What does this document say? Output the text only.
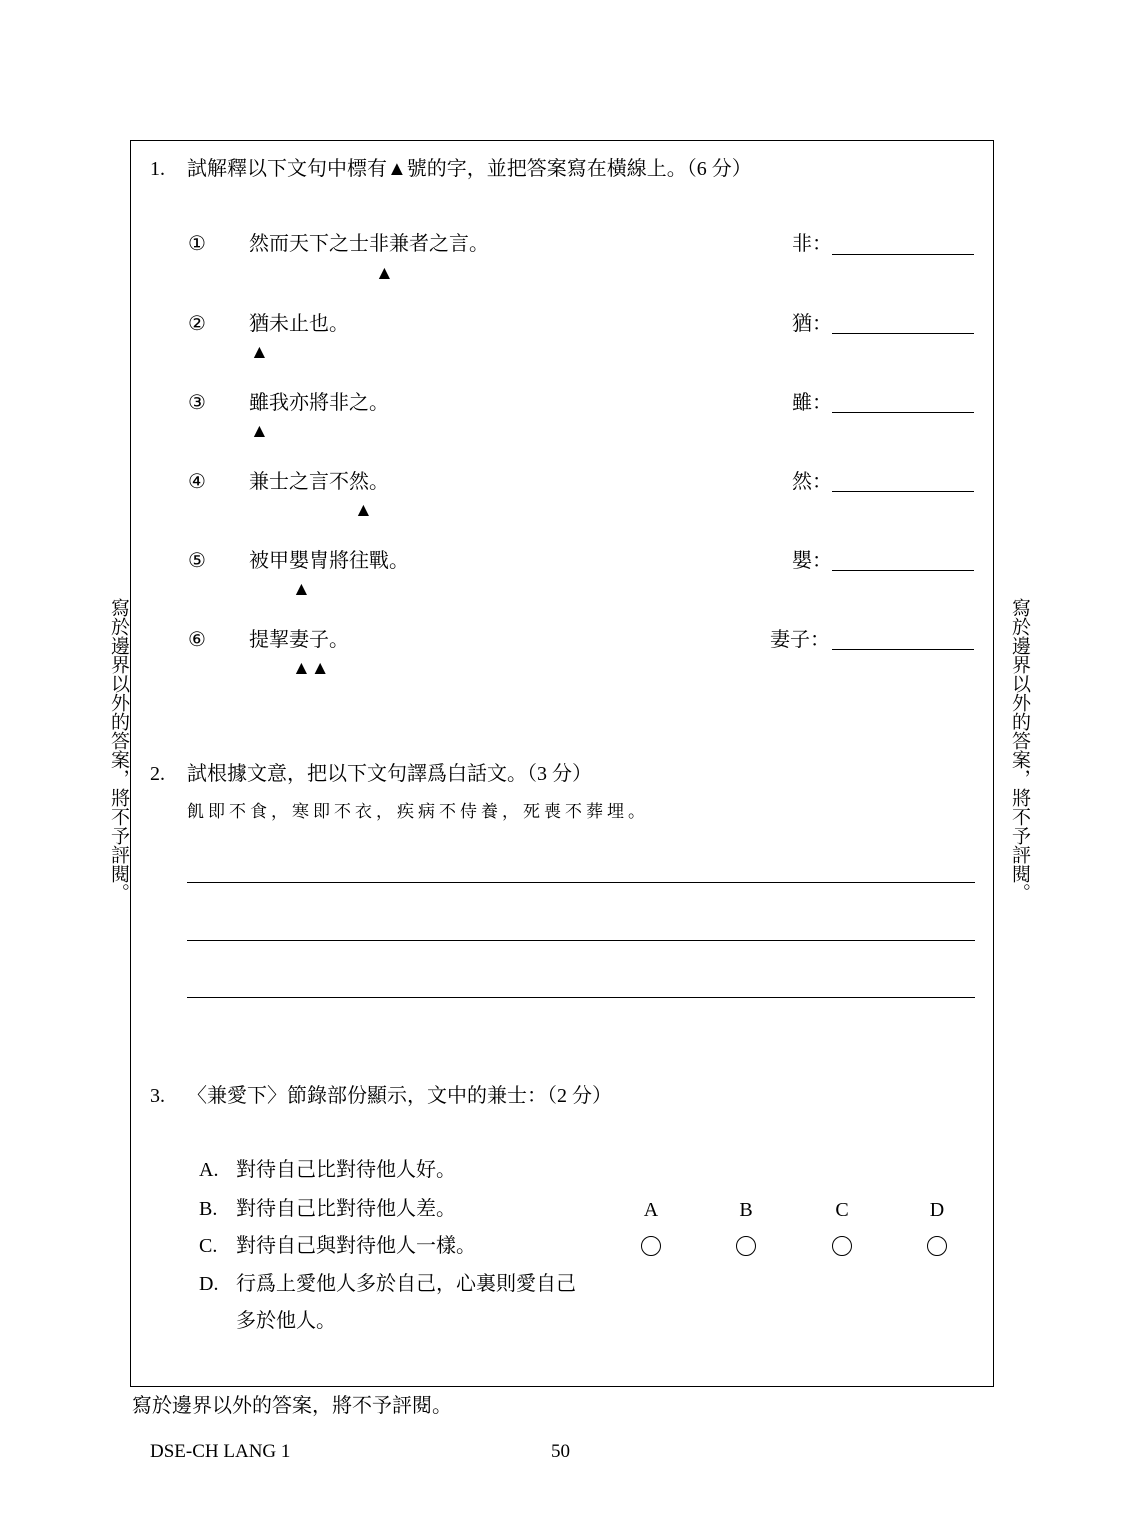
寫於邊界以外的答案，將不予評閱。	寫於邊界以外的答案，將不予評閱。
1. 試解釋以下文句中標有▲號的字，並把答案寫在橫線上。（6 分）
① 然而天下之士非兼者之言。
▲
非：
② 猶未止也。
▲
猶：
③ 雖我亦將非之。
▲
雖：
④ 兼士之言不然。
▲
然：
⑤ 被甲嬰冑將往戰。
▲
嬰：
⑥ 提挈妻子。
▲▲
妻子：
2. 試根據文意，把以下文句譯爲白話文。（3 分）
飢即不食，寒即不衣，疾病不侍養，死喪不葬埋。
3. 〈兼愛下〉節錄部份顯示，文中的兼士：（2 分）
A. 對待自己比對待他人好。
B. 對待自己比對待他人差。
C. 對待自己與對待他人一樣。
D. 行爲上愛他人多於自己，心裏則愛自己
多於他人。
A	B	C	D
寫於邊界以外的答案，將不予評閱。
DSE-CH LANG 1	50
